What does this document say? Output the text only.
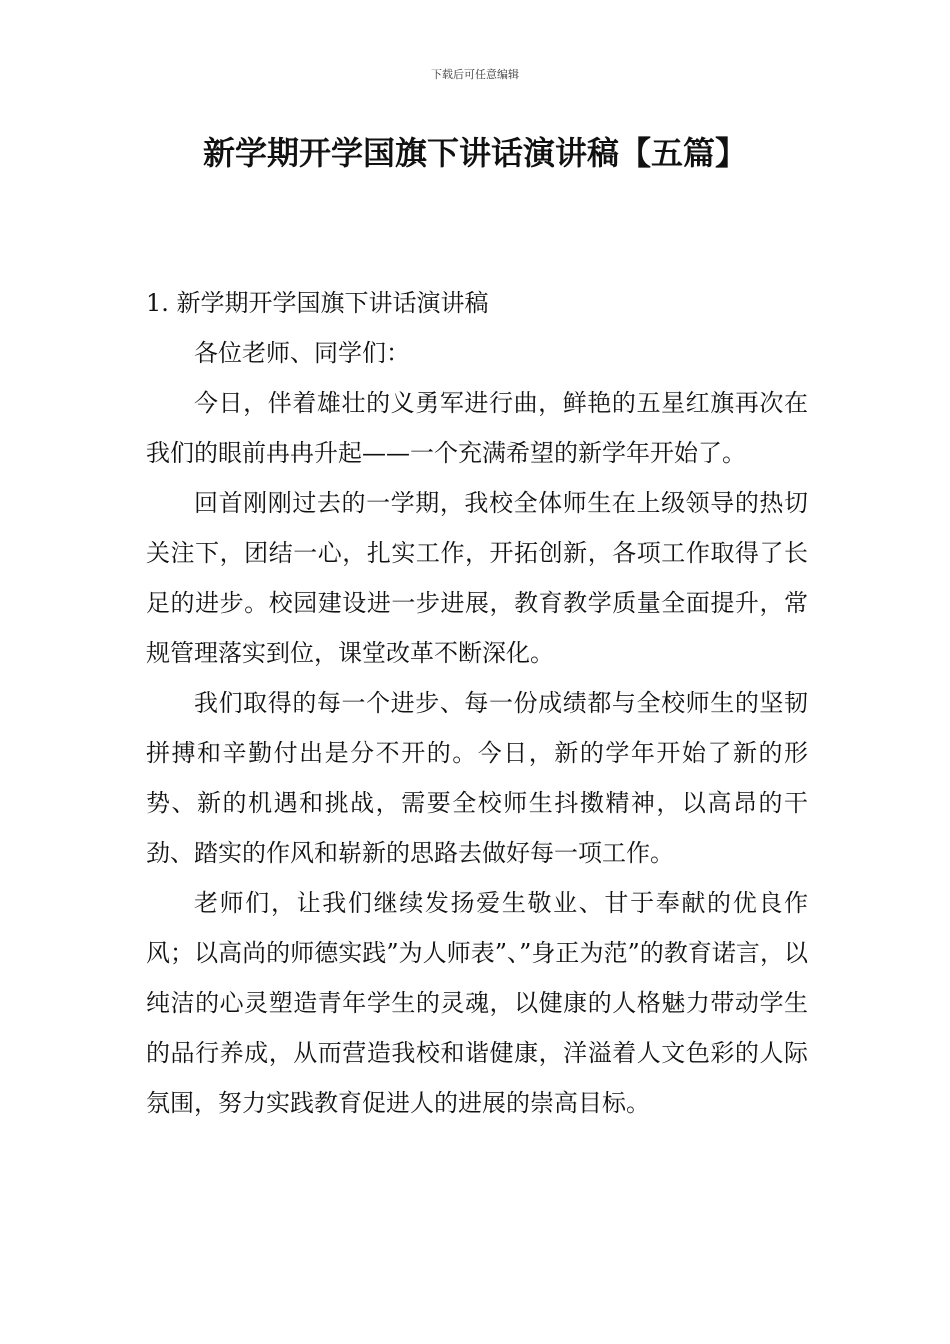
下载后可任意编辑
新学期开学国旗下讲话演讲稿【五篇】

1. 新学期开学国旗下讲话演讲稿

各位老师、同学们：

今日，伴着雄壮的义勇军进行曲，鲜艳的五星红旗再次在我们的眼前冉冉升起——一个充满希望的新学年开始了。

回首刚刚过去的一学期，我校全体师生在上级领导的热切关注下，团结一心，扎实工作，开拓创新，各项工作取得了长足的进步。校园建设进一步进展，教育教学质量全面提升，常规管理落实到位，课堂改革不断深化。

我们取得的每一个进步、每一份成绩都与全校师生的坚韧拼搏和辛勤付出是分不开的。今日，新的学年开始了新的形势、新的机遇和挑战，需要全校师生抖擞精神，以高昂的干劲、踏实的作风和崭新的思路去做好每一项工作。

老师们，让我们继续发扬爱生敬业、甘于奉献的优良作风；以高尚的师德实践”为人师表”、”身正为范”的教育诺言，以纯洁的心灵塑造青年学生的灵魂，以健康的人格魅力带动学生的品行养成，从而营造我校和谐健康，洋溢着人文色彩的人际氛围，努力实践教育促进人的进展的崇高目标。
